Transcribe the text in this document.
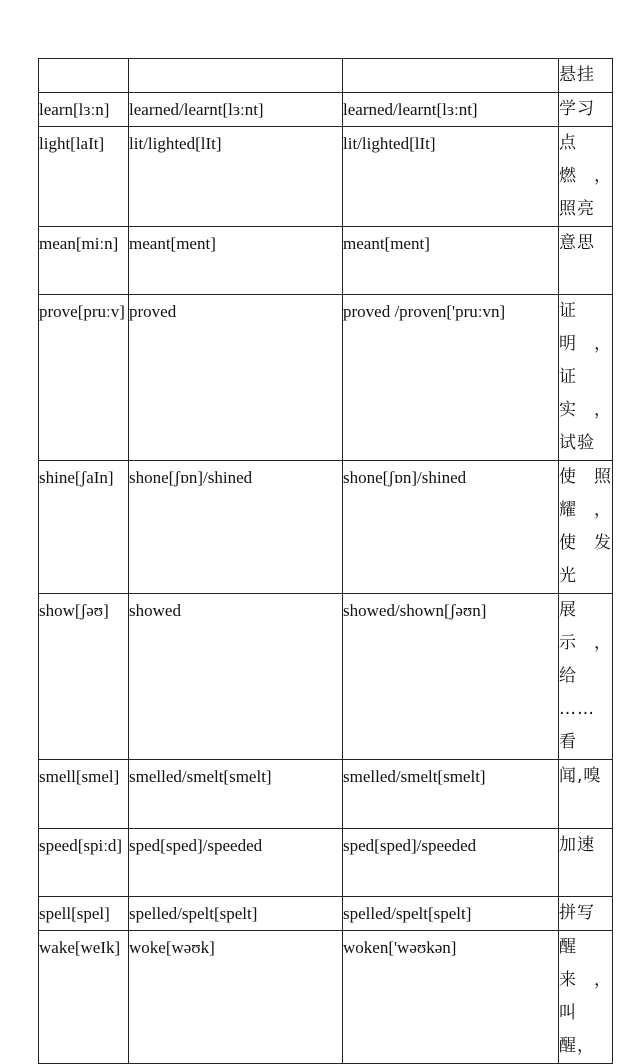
			悬挂
learn[lɜːn]	learned/learnt[lɜːnt]	learned/learnt[lɜːnt]	学习
light[laIt]	lit/lighted[lIt]	lit/lighted[lIt]	点 燃，照亮
mean[miːn]	meant[ment]	meant[ment]	意思
prove[pruːv]	proved	proved /proven['pruːvn]	证 明，证 实，试验
shine[ʃaIn]	shone[ʃɒn]/shined	shone[ʃɒn]/shined	使 照耀，使发光
show[ʃəʊ]	showed	showed/shown[ʃəʊn]	展 示，给 ……看
smell[smel]	smelled/smelt[smelt]	smelled/smelt[smelt]	闻,嗅
speed[spiːd]	sped[sped]/speeded	sped[sped]/speeded	加速
spell[spel]	spelled/spelt[spelt]	spelled/spelt[spelt]	拼写
wake[weIk]	woke[wəʊk]	woken['wəʊkən]	醒来，叫 醒，
